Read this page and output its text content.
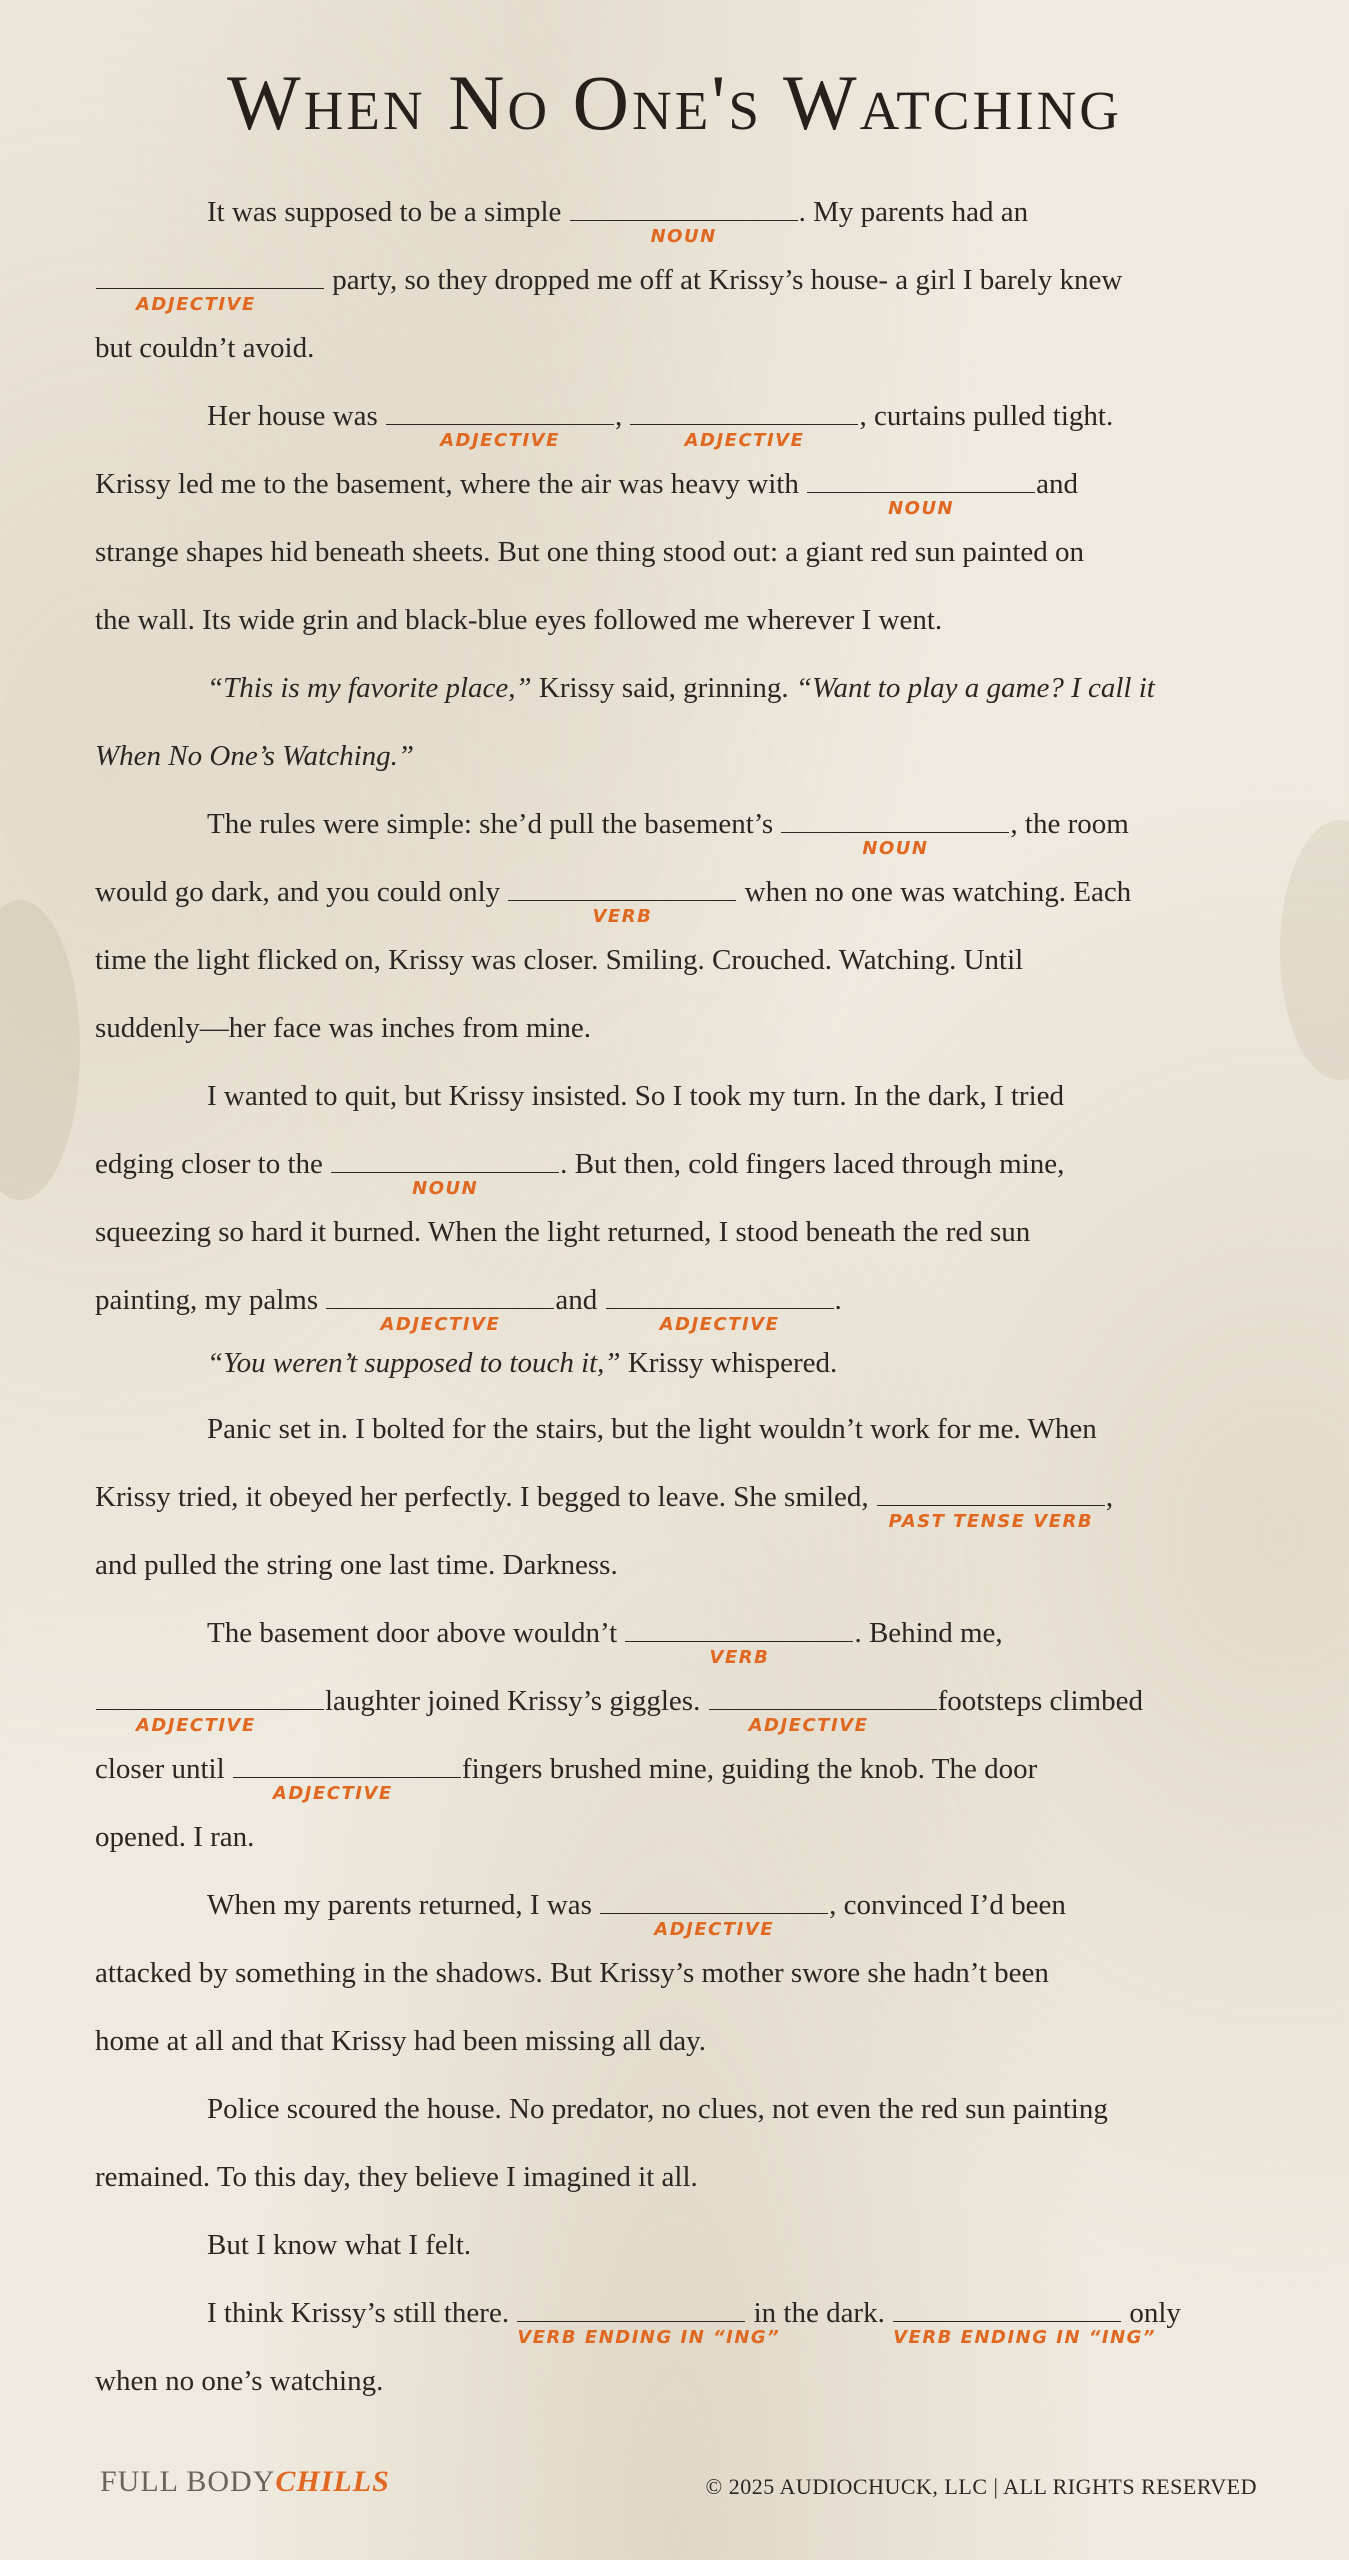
When No One's Watching
It was supposed to be a simple
NOUN
. My parents had an
ADJECTIVE
party, so they dropped me off at Krissy’s house- a girl I barely knew
but couldn’t avoid.
Her house was
ADJECTIVE
,
ADJECTIVE
, curtains pulled tight.
Krissy led me to the basement, where the air was heavy with
NOUN
and
strange shapes hid beneath sheets. But one thing stood out: a giant red sun painted on
the wall. Its wide grin and black-blue eyes followed me wherever I went.
“This is my favorite place,” Krissy said, grinning. “Want to play a game? I call it
When No One’s Watching.”
The rules were simple: she’d pull the basement’s
NOUN
, the room
would go dark, and you could only
VERB
when no one was watching. Each
time the light flicked on, Krissy was closer. Smiling. Crouched. Watching. Until
suddenly—her face was inches from mine.
I wanted to quit, but Krissy insisted. So I took my turn. In the dark, I tried
edging closer to the
NOUN
. But then, cold fingers laced through mine,
squeezing so hard it burned. When the light returned, I stood beneath the red sun
painting, my palms
ADJECTIVE
and
ADJECTIVE
.
“You weren’t supposed to touch it,” Krissy whispered.
Panic set in. I bolted for the stairs, but the light wouldn’t work for me. When
Krissy tried, it obeyed her perfectly. I begged to leave. She smiled,
PAST TENSE VERB
,
and pulled the string one last time. Darkness.
The basement door above wouldn’t
VERB
. Behind me,
ADJECTIVE
laughter joined Krissy’s giggles.
ADJECTIVE
footsteps climbed
closer until
ADJECTIVE
fingers brushed mine, guiding the knob. The door
opened. I ran.
When my parents returned, I was
ADJECTIVE
, convinced I’d been
attacked by something in the shadows. But Krissy’s mother swore she hadn’t been
home at all and that Krissy had been missing all day.
Police scoured the house. No predator, no clues, not even the red sun painting
remained. To this day, they believe I imagined it all.
But I know what I felt.
I think Krissy’s still there.
VERB ENDING IN “ING”
in the dark.
VERB ENDING IN “ING”
only
when no one’s watching.
FULL BODYCHILLS	© 2025 AUDIOCHUCK, LLC | ALL RIGHTS RESERVED
